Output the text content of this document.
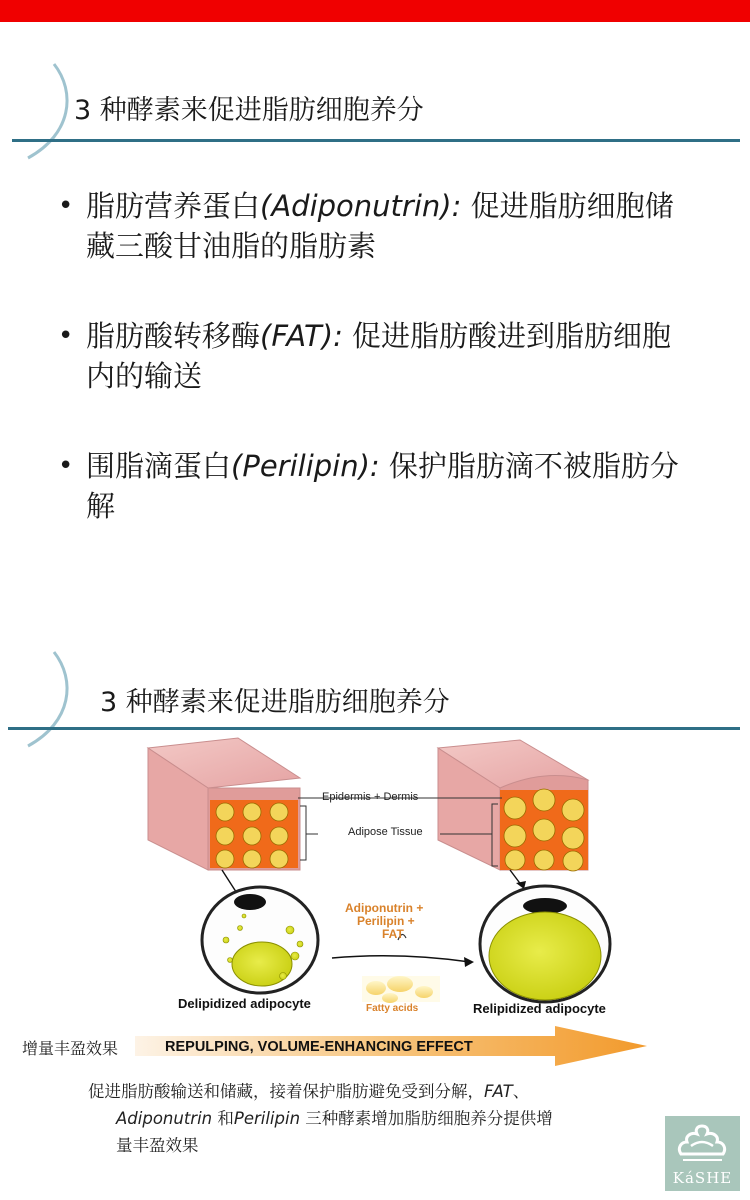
3 种酵素来促进脂肪细胞养分
• 脂肪营养蛋白(Adiponutrin): 促进脂肪细胞储藏三酸甘油脂的脂肪素
• 脂肪酸转移酶(FAT): 促进脂肪酸进到脂肪细胞内的输送
• 围脂滴蛋白(Perilipin): 保护脂肪滴不被脂肪分解
3 种酵素来促进脂肪细胞养分
Epidermis + Dermis
Adipose Tissue
Adiponutrin +
Perilipin +
FAT
Fatty acids
Delipidized adipocyte	Relipidized adipocyte
增量丰盈效果	REPULPING, VOLUME-ENHANCING EFFECT
促进脂肪酸输送和储藏，接着保护脂肪避免受到分解，FAT、
Adiponutrin 和Perilipin 三种酵素增加脂肪细胞养分提供增
量丰盈效果
KáSHE
